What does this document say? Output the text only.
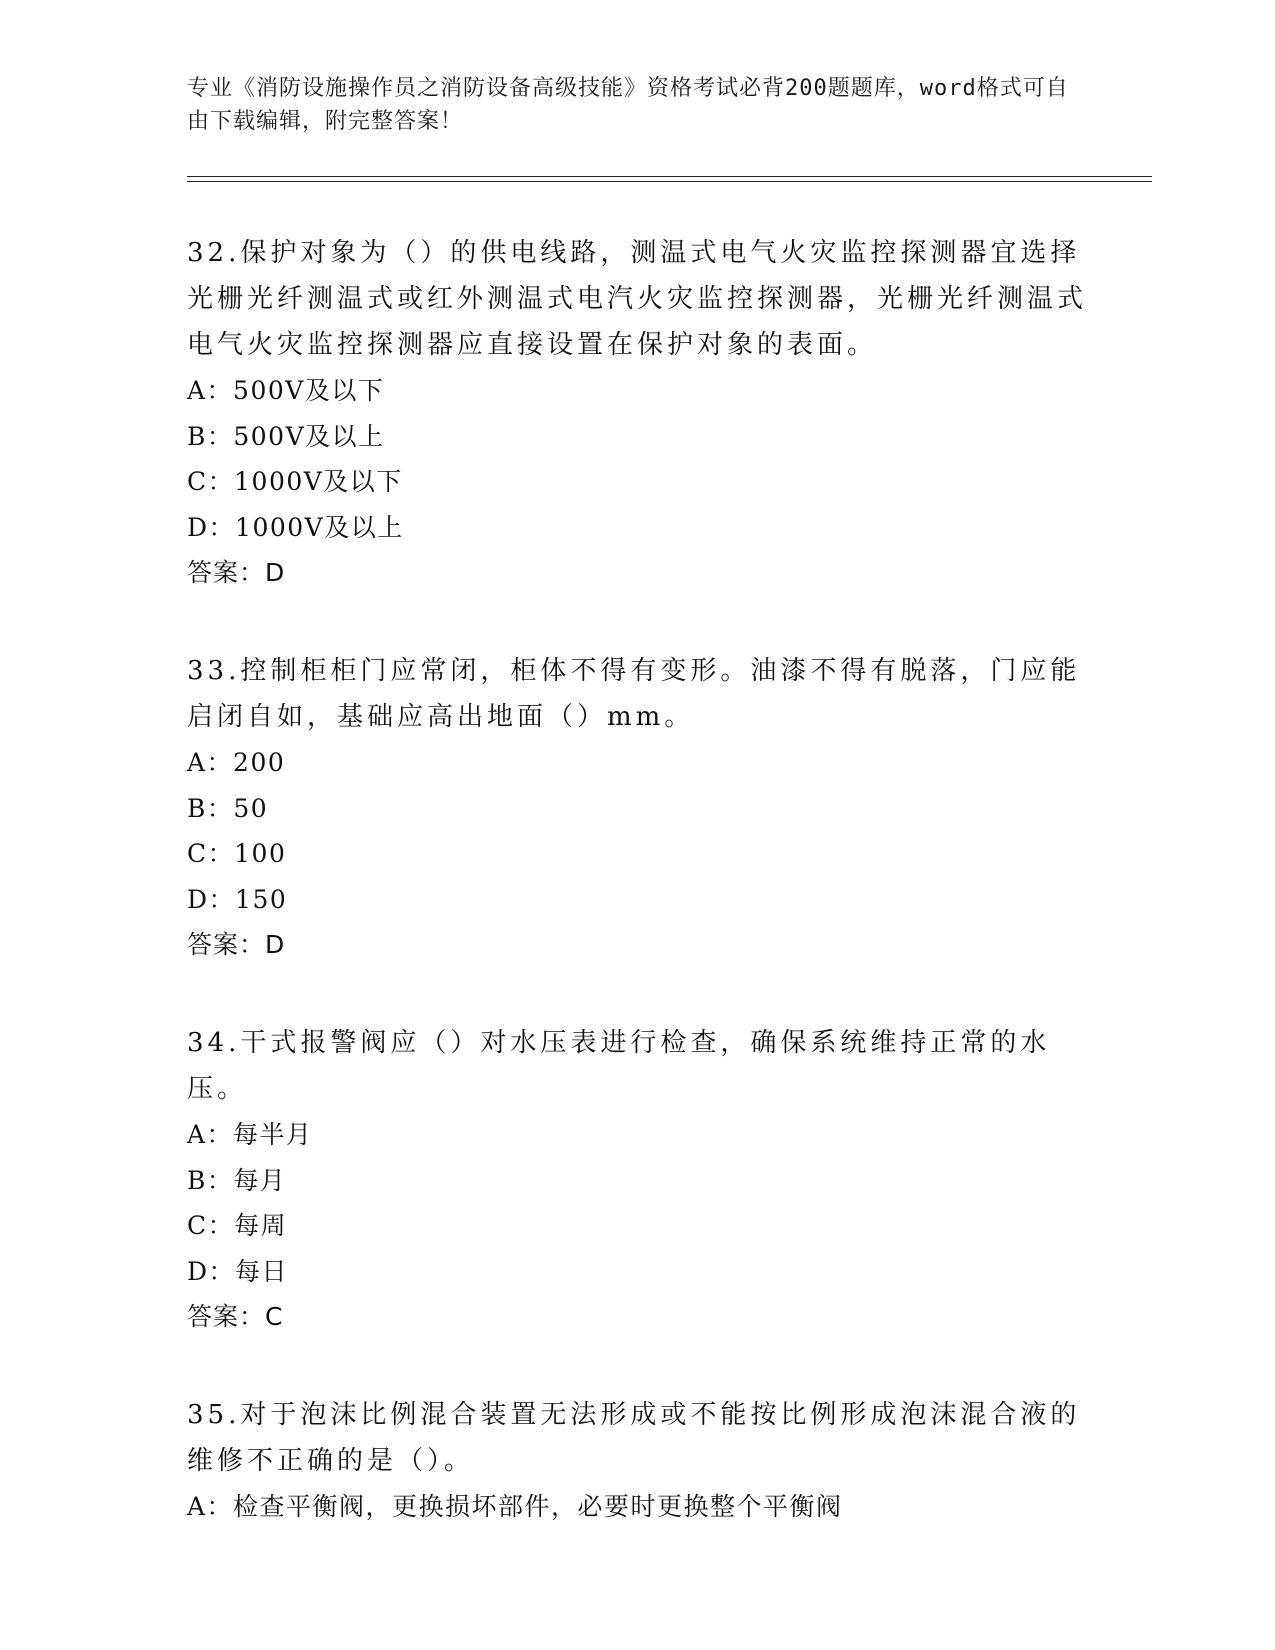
专业《消防设施操作员之消防设备高级技能》资格考试必背200题题库，word格式可自由下载编辑，附完整答案！

32.保护对象为（）的供电线路，测温式电气火灾监控探测器宜选择光栅光纤测温式或红外测温式电汽火灾监控探测器，光栅光纤测温式电气火灾监控探测器应直接设置在保护对象的表面。

A：500V及以下

B：500V及以上

C：1000V及以下

D：1000V及以上

答案：D

33.控制柜柜门应常闭，柜体不得有变形。油漆不得有脱落，门应能启闭自如，基础应高出地面（）mm。

A：200

B：50

C：100

D：150

答案：D

34.干式报警阀应（）对水压表进行检查，确保系统维持正常的水压。

A：每半月

B：每月

C：每周

D：每日

答案：C

35.对于泡沫比例混合装置无法形成或不能按比例形成泡沫混合液的维修不正确的是（）。

A：检查平衡阀，更换损坏部件，必要时更换整个平衡阀
